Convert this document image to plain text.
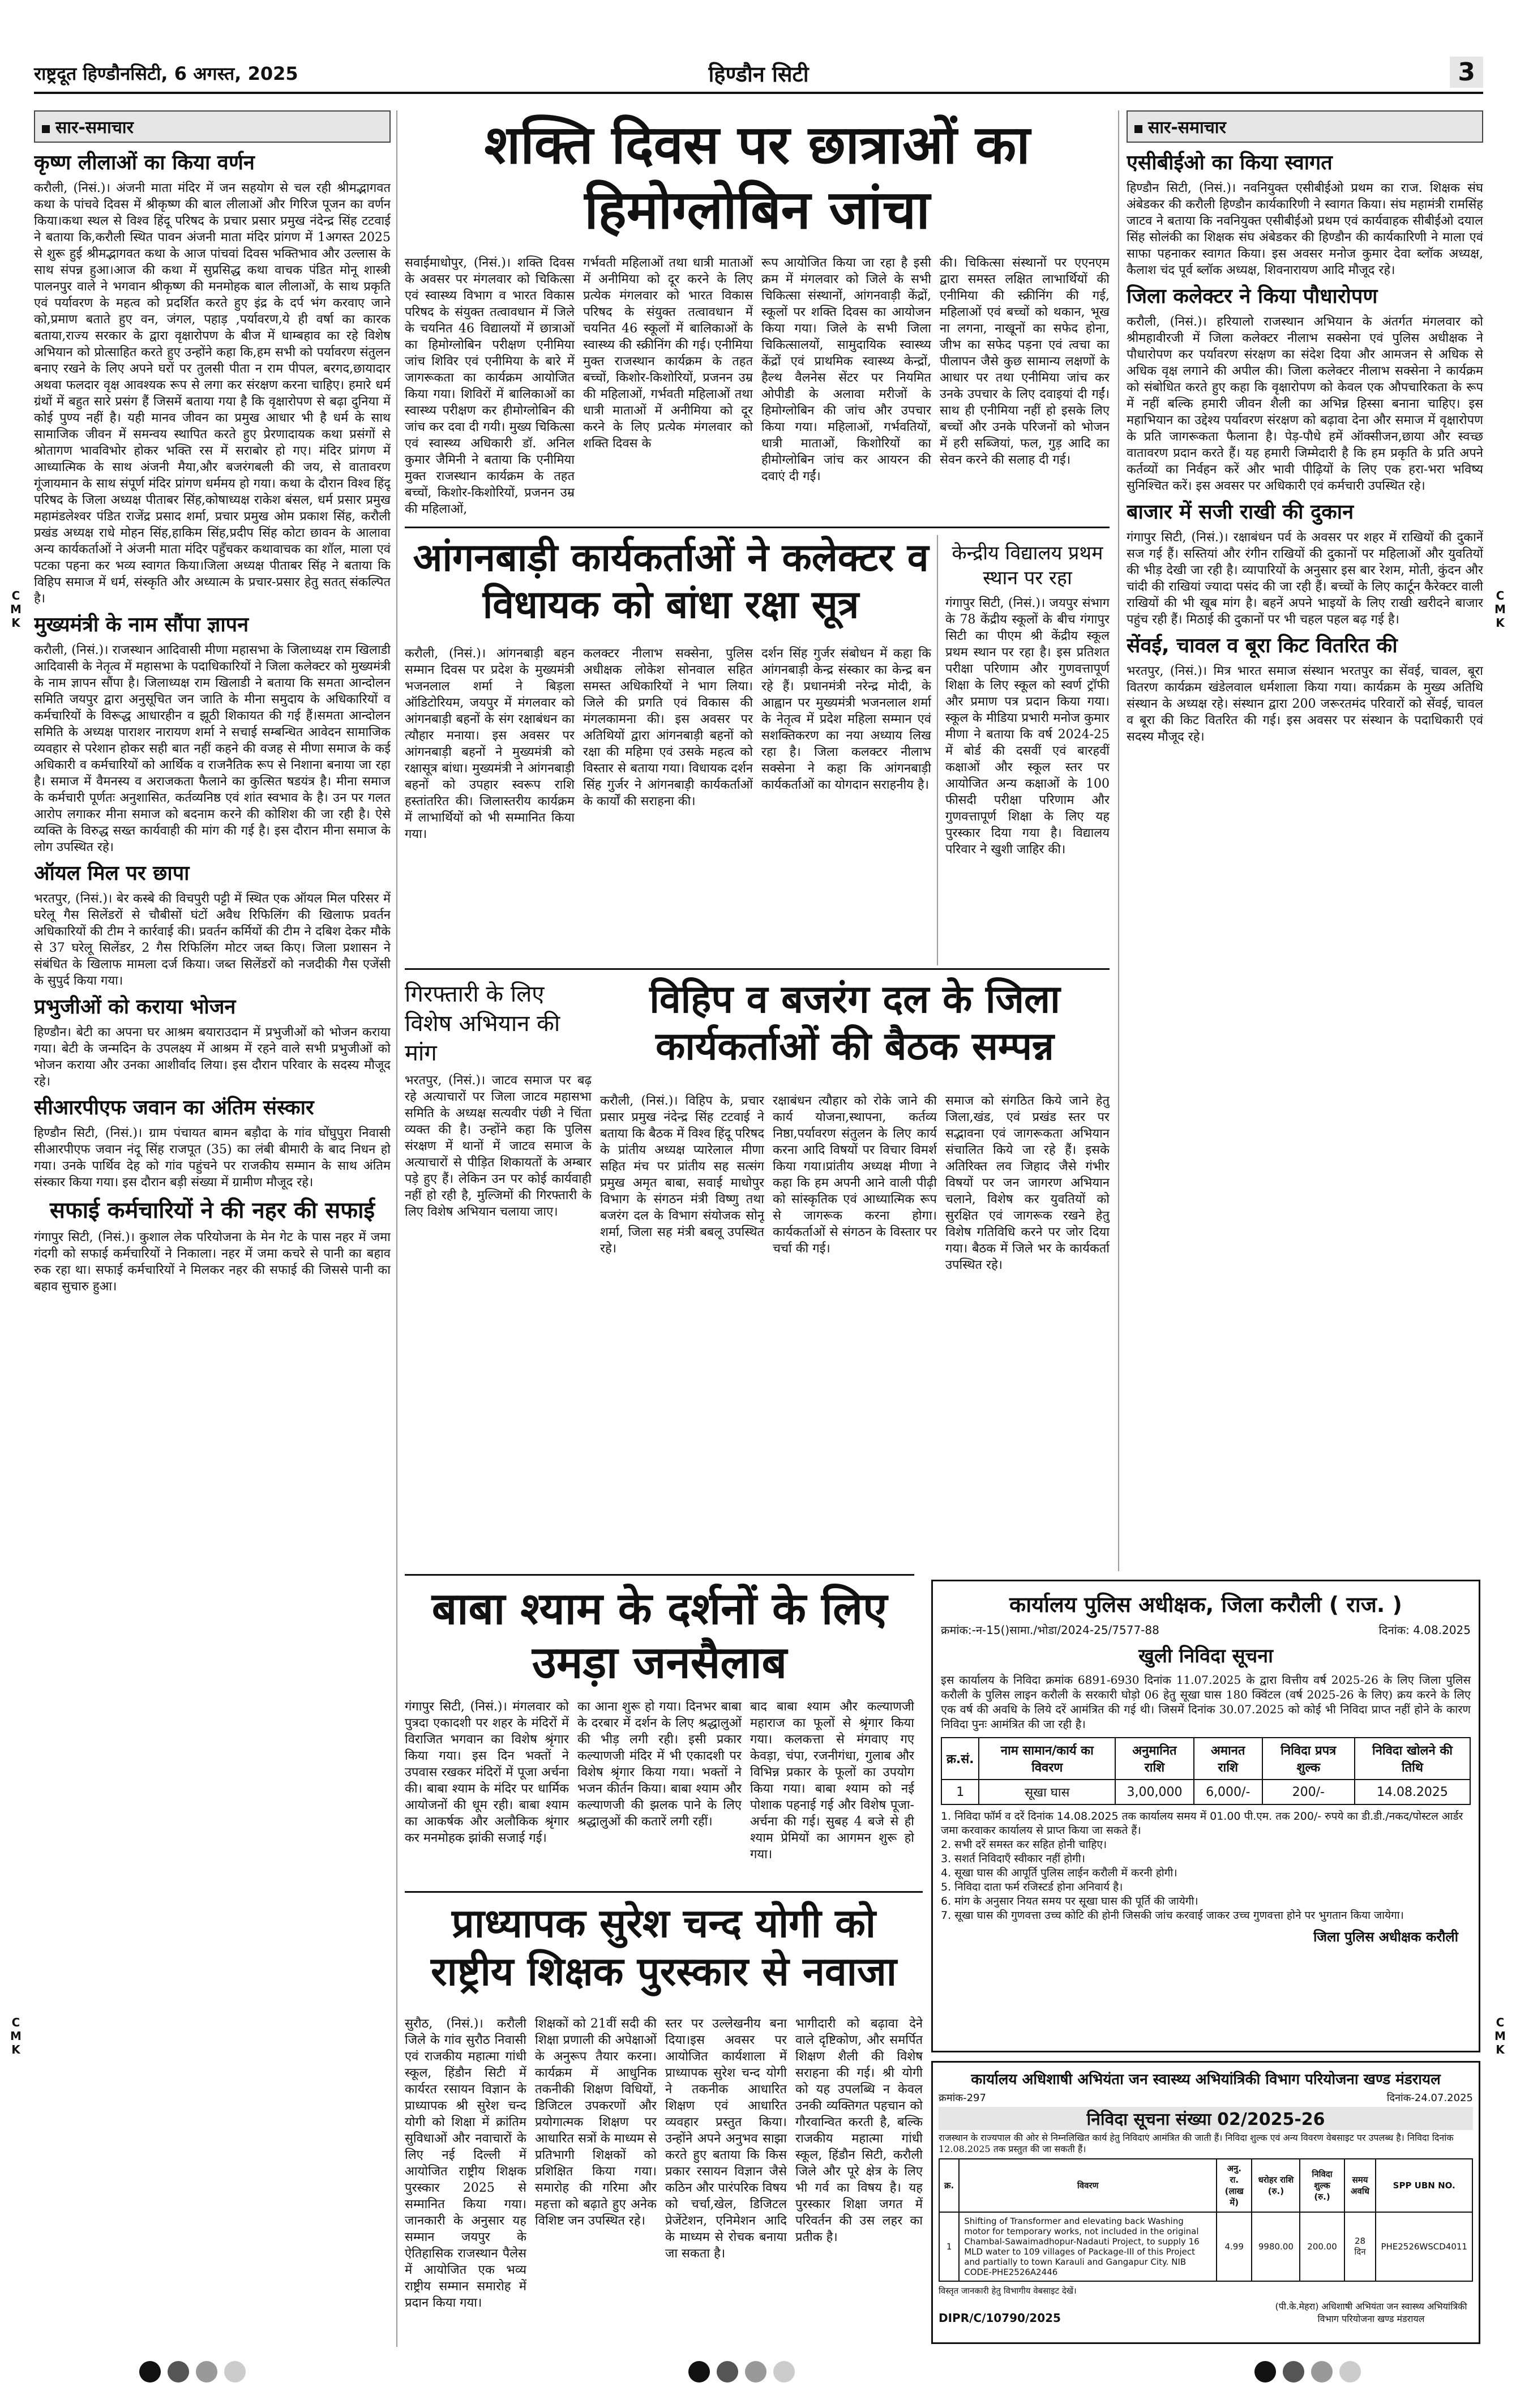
राष्ट्रदूत हिण्डौनसिटी, 6 अगस्त, 2025	हिण्डौन सिटी	3
सार-समाचार
कृष्ण लीलाओं का किया वर्णन

करौली, (निसं.)। अंजनी माता मंदिर में जन सहयोग से चल रही श्रीमद्भागवत कथा के पांचवे दिवस में श्रीकृष्ण की बाल लीलाओं और गिरिज पूजन का वर्णन किया।कथा स्थल से विश्व हिंदू परिषद के प्रचार प्रसार प्रमुख नंदेन्द्र सिंह टटवाई ने बताया कि,करौली स्थित पावन अंजनी माता मंदिर प्रांगण में 1अगस्त 2025 से शुरू हुई श्रीमद्भागवत कथा के आज पांचवां दिवस भक्तिभाव और उल्लास के साथ संपन्न हुआ।आज की कथा में सुप्रसिद्ध कथा वाचक पंडित मोनू शास्त्री पालनपुर वाले ने भगवान श्रीकृष्ण की मनमोहक बाल लीलाओं, के साथ प्रकृति एवं पर्यावरण के महत्व को प्रदर्शित करते हुए इंद्र के दर्प भंग करवाए जाने को,प्रमाण बताते हुए वन, जंगल, पहाड़ ,पर्यावरण,ये ही वर्षा का कारक बताया,राज्य सरकार के द्वारा वृक्षारोपण के बीज में धाम्बहाव का रहे विशेष अभियान को प्रोत्साहित करते हुए उन्होंने कहा कि,हम सभी को पर्यावरण संतुलन बनाए रखने के लिए अपने घरों पर तुलसी पीता न राम पीपल, बरगद,छायादार अथवा फलदार वृक्ष आवश्यक रूप से लगा कर संरक्षण करना चाहिए। हमारे धर्म ग्रंथों में बहुत सारे प्रसंग हैं जिसमें बताया गया है कि वृक्षारोपण से बढ़ा दुनिया में कोई पुण्य नहीं है। यही मानव जीवन का प्रमुख आधार भी है धर्म के साथ सामाजिक जीवन में समन्वय स्थापित करते हुए प्रेरणादायक कथा प्रसंगों से श्रोतागण भावविभोर होकर भक्ति रस में सराबोर हो गए। मंदिर प्रांगण में आध्यात्मिक के साथ अंजनी मैया,और बजरंगबली की जय, से वातावरण गूंजायमान के साथ संपूर्ण मंदिर प्रांगण धर्ममय हो गया। कथा के दौरान विश्व हिंदू परिषद के जिला अध्यक्ष पीताबर सिंह,कोषाध्यक्ष राकेश बंसल, धर्म प्रसार प्रमुख महामंडलेश्वर पंडित राजेंद्र प्रसाद शर्मा, प्रचार प्रमुख ओम प्रकाश सिंह, करौली प्रखंड अध्यक्ष राधे मोहन सिंह,हाकिम सिंह,प्रदीप सिंह कोटा छावन के आलावा अन्य कार्यकर्ताओं ने अंजनी माता मंदिर पहुँचकर कथावाचक का शॉल, माला एवं पटका पहना कर भव्य स्वागत किया।जिला अध्यक्ष पीताबर सिंह ने बताया कि विहिप समाज में धर्म, संस्कृति और अध्यात्म के प्रचार-प्रसार हेतु सतत् संकल्पित है।

मुख्यमंत्री के नाम सौंपा ज्ञापन

करौली, (निसं.)। राजस्थान आदिवासी मीणा महासभा के जिलाध्यक्ष राम खिलाडी आदिवासी के नेतृत्व में महासभा के पदाधिकारियों ने जिला कलेक्टर को मुख्यमंत्री के नाम ज्ञापन सौंपा है। जिलाध्यक्ष राम खिलाडी ने बताया कि समता आन्दोलन समिति जयपुर द्वारा अनुसूचित जन जाति के मीना समुदाय के अधिकारियों व कर्मचारियों के विरूद्ध आधारहीन व झूठी शिकायत की गई हैं।समता आन्दोलन समिति के अध्यक्ष पाराशर नारायण शर्मा ने सचाई सम्बन्धित आवेदन सामाजिक व्यवहार से परेशान होकर सही बात नहीं कहने की वजह से मीणा समाज के कई अधिकारी व कर्मचारियों को आर्थिक व राजनैतिक रूप से निशाना बनाया जा रहा है। समाज में वैमनस्य व अराजकता फैलाने का कुत्सित षडयंत्र है। मीना समाज के कर्मचारी पूर्णतः अनुशासित, कर्तव्यनिष्ठ एवं शांत स्वभाव के है। उन पर गलत आरोप लगाकर मीना समाज को बदनाम करने की कोशिश की जा रही है। ऐसे व्यक्ति के विरुद्ध सख्त कार्यवाही की मांग की गई है। इस दौरान मीना समाज के लोग उपस्थित रहे।

ऑयल मिल पर छापा

भरतपुर, (निसं.)। बेर कस्बे की विचपुरी पट्टी में स्थित एक ऑयल मिल परिसर में घरेलू गैस सिलेंडरों से चौबीसों घंटों अवैध रिफिलिंग की खिलाफ प्रवर्तन अधिकारियों की टीम ने कार्रवाई की। प्रवर्तन कर्मियों की टीम ने दबिश देकर मौके से 37 घरेलू सिलेंडर, 2 गैस रिफिलिंग मोटर जब्त किए। जिला प्रशासन ने संबंधित के खिलाफ मामला दर्ज किया। जब्त सिलेंडरों को नजदीकी गैस एजेंसी के सुपुर्द किया गया।

प्रभुजीओं को कराया भोजन

हिण्डौन। बेटी का अपना घर आश्रम बयाराउदान में प्रभुजीओं को भोजन कराया गया। बेटी के जन्मदिन के उपलक्ष्य में आश्रम में रहने वाले सभी प्रभुजीओं को भोजन कराया और उनका आशीर्वाद लिया। इस दौरान परिवार के सदस्य मौजूद रहे।

सीआरपीएफ जवान का अंतिम संस्कार

हिण्डौन सिटी, (निसं.)। ग्राम पंचायत बामन बड़ौदा के गांव घोंघुपुरा निवासी सीआरपीएफ जवान नंदू सिंह राजपूत (35) का लंबी बीमारी के बाद निधन हो गया। उनके पार्थिव देह को गांव पहुंचने पर राजकीय सम्मान के साथ अंतिम संस्कार किया गया। इस दौरान बड़ी संख्या में ग्रामीण मौजूद रहे।

सफाई कर्मचारियों ने की नहर की सफाई

गंगापुर सिटी, (निसं.)। कुशाल लेक परियोजना के मेन गेट के पास नहर में जमा गंदगी को सफाई कर्मचारियों ने निकाला। नहर में जमा कचरे से पानी का बहाव रुक रहा था। सफाई कर्मचारियों ने मिलकर नहर की सफाई की जिससे पानी का बहाव सुचारु हुआ।

शक्ति दिवस पर छात्राओं का हिमोग्लोबिन जांचा

सवाईमाधोपुर, (निसं.)। शक्ति दिवस के अवसर पर मंगलवार को चिकित्सा एवं स्वास्थ्य विभाग व भारत विकास परिषद के संयुक्त तत्वावधान में जिले के चयनित 46 विद्यालयों में छात्राओं का हिमोग्लोबिन परीक्षण एनीमिया जांच शिविर एवं एनीमिया के बारे में जागरूकता का कार्यक्रम आयोजित किया गया। शिविरों में बालिकाओं का स्वास्थ्य परीक्षण कर हीमोग्लोबिन की जांच कर दवा दी गयी। मुख्य चिकित्सा एवं स्वास्थ्य अधिकारी डॉ. अनिल कुमार जैमिनी ने बताया कि एनीमिया मुक्त राजस्थान कार्यक्रम के तहत बच्चों, किशोर-किशोरियों, प्रजनन उम्र की महिलाओं,

गर्भवती महिलाओं तथा धात्री माताओं में अनीमिया को दूर करने के लिए प्रत्येक मंगलवार को भारत विकास परिषद के संयुक्त तत्वावधान में चयनित 46 स्कूलों में बालिकाओं के स्वास्थ्य की स्क्रीनिंग की गई। एनीमिया मुक्त राजस्थान कार्यक्रम के तहत बच्चों, किशोर-किशोरियों, प्रजनन उम्र की महिलाओं, गर्भवती महिलाओं तथा धात्री माताओं में अनीमिया को दूर करने के लिए प्रत्येक मंगलवार को शक्ति दिवस के

रूप आयोजित किया जा रहा है इसी क्रम में मंगलवार को जिले के सभी चिकित्सा संस्थानों, आंगनवाड़ी केंद्रों, स्कूलों पर शक्ति दिवस का आयोजन किया गया। जिले के सभी जिला चिकित्सालयों, सामुदायिक स्वास्थ्य केंद्रों एवं प्राथमिक स्वास्थ्य केन्द्रों, हैल्थ वैलनेस सेंटर पर नियमित ओपीडी के अलावा मरीजों के हिमोग्लोबिन की जांच और उपचार किया गया। महिलाओं, गर्भवतियों, धात्री माताओं, किशोरियों का हीमोग्लोबिन जांच कर आयरन की दवाएं दी गईं।

की। चिकित्सा संस्थानों पर एएनएम द्वारा समस्त लक्षित लाभार्थियों की एनीमिया की स्क्रीनिंग की गई, महिलाओं एवं बच्चों को थकान, भूख ना लगना, नाखूनों का सफेद होना, जीभ का सफेद पड़ना एवं त्वचा का पीलापन जैसे कुछ सामान्य लक्षणों के आधार पर तथा एनीमिया जांच कर उनके उपचार के लिए दवाइयां दी गईं। साथ ही एनीमिया नहीं हो इसके लिए बच्चों और उनके परिजनों को भोजन में हरी सब्जियां, फल, गुड़ आदि का सेवन करने की सलाह दी गई।

आंगनबाड़ी कार्यकर्ताओं ने कलेक्टर व विधायक को बांधा रक्षा सूत्र

करौली, (निसं.)। आंगनबाड़ी बहन सम्मान दिवस पर प्रदेश के मुख्यमंत्री भजनलाल शर्मा ने बिड़ला ऑडिटोरियम, जयपुर में मंगलवार को आंगनबाड़ी बहनों के संग रक्षाबंधन का त्यौहार मनाया। इस अवसर पर आंगनबाड़ी बहनों ने मुख्यमंत्री को रक्षासूत्र बांधा। मुख्यमंत्री ने आंगनबाड़ी बहनों को उपहार स्वरूप राशि हस्तांतरित की। जिलास्तरीय कार्यक्रम में लाभार्थियों को भी सम्मानित किया गया।

कलक्टर नीलाभ सक्सेना, पुलिस अधीक्षक लोकेश सोनवाल सहित समस्त अधिकारियों ने भाग लिया। जिले की प्रगति एवं विकास की मंगलकामना की। इस अवसर पर अतिथियों द्वारा आंगनबाड़ी बहनों को रक्षा की महिमा एवं उसके महत्व को विस्तार से बताया गया। विधायक दर्शन सिंह गुर्जर ने आंगनबाड़ी कार्यकर्ताओं के कार्यों की सराहना की।

दर्शन सिंह गुर्जर संबोधन में कहा कि आंगनबाड़ी केन्द्र संस्कार का केन्द्र बन रहे हैं। प्रधानमंत्री नरेन्द्र मोदी, के आह्वान पर मुख्यमंत्री भजनलाल शर्मा के नेतृत्व में प्रदेश महिला सम्मान एवं सशक्तिकरण का नया अध्याय लिख रहा है। जिला कलक्टर नीलाभ सक्सेना ने कहा कि आंगनबाड़ी कार्यकर्ताओं का योगदान सराहनीय है।

केन्द्रीय विद्यालय प्रथम स्थान पर रहा

गंगापुर सिटी, (निसं.)। जयपुर संभाग के 78 केंद्रीय स्कूलों के बीच गंगापुर सिटी का पीएम श्री केंद्रीय स्कूल प्रथम स्थान पर रहा है। इस प्रतिशत परीक्षा परिणाम और गुणवत्तापूर्ण शिक्षा के लिए स्कूल को स्वर्ण ट्रॉफी और प्रमाण पत्र प्रदान किया गया। स्कूल के मीडिया प्रभारी मनोज कुमार मीणा ने बताया कि वर्ष 2024-25 में बोर्ड की दसवीं एवं बारहवीं कक्षाओं और स्कूल स्तर पर आयोजित अन्य कक्षाओं के 100 फीसदी परीक्षा परिणाम और गुणवत्तापूर्ण शिक्षा के लिए यह पुरस्कार दिया गया है। विद्यालय परिवार ने खुशी जाहिर की।

गिरफ्तारी के लिए विशेष अभियान की मांग

भरतपुर, (निसं.)। जाटव समाज पर बढ़ रहे अत्याचारों पर जिला जाटव महासभा समिति के अध्यक्ष सत्यवीर पंछी ने चिंता व्यक्त की है। उन्होंने कहा कि पुलिस संरक्षण में थानों में जाटव समाज के अत्याचारों से पीड़ित शिकायतों के अम्बार पड़े हुए हैं। लेकिन उन पर कोई कार्यवाही नहीं हो रही है, मुल्जिमों की गिरफ्तारी के लिए विशेष अभियान चलाया जाए।

विहिप व बजरंग दल के जिला कार्यकर्ताओं की बैठक सम्पन्न

करौली, (निसं.)। विहिप के, प्रचार प्रसार प्रमुख नंदेन्द्र सिंह टटवाई ने बताया कि बैठक में विश्व हिंदू परिषद के प्रांतीय अध्यक्ष प्यारेलाल मीणा सहित मंच पर प्रांतीय सह सत्संग प्रमुख अमृत बाबा, सवाई माधोपुर विभाग के संगठन मंत्री विष्णु तथा बजरंग दल के विभाग संयोजक सोनू शर्मा, जिला सह मंत्री बबलू उपस्थित रहे।

रक्षाबंधन त्यौहार को रोके जाने की कार्य योजना,स्थापना, कर्तव्य निष्ठा,पर्यावरण संतुलन के लिए कार्य करना आदि विषयों पर विचार विमर्श किया गया।प्रांतीय अध्यक्ष मीणा ने कहा कि हम अपनी आने वाली पीढ़ी को सांस्कृतिक एवं आध्यात्मिक रूप से जागरूक करना होगा। कार्यकर्ताओं से संगठन के विस्तार पर चर्चा की गई।

समाज को संगठित किये जाने हेतु जिला,खंड, एवं प्रखंड स्तर पर सद्भावना एवं जागरूकता अभियान संचालित किये जा रहे हैं। इसके अतिरिक्त लव जिहाद जैसे गंभीर विषयों पर जन जागरण अभियान चलाने, विशेष कर युवतियों को सुरक्षित एवं जागरूक रखने हेतु विशेष गतिविधि करने पर जोर दिया गया। बैठक में जिले भर के कार्यकर्ता उपस्थित रहे।

बाबा श्याम के दर्शनों के लिए उमड़ा जनसैलाब

गंगापुर सिटी, (निसं.)। मंगलवार को पुत्रदा एकादशी पर शहर के मंदिरों में विराजित भगवान का विशेष श्रृंगार किया गया। इस दिन भक्तों ने उपवास रखकर मंदिरों में पूजा अर्चना की। बाबा श्याम के मंदिर पर धार्मिक आयोजनों की धूम रही। बाबा श्याम का आकर्षक और अलौकिक श्रृंगार कर मनमोहक झांकी सजाई गई।

का आना शुरू हो गया। दिनभर बाबा के दरबार में दर्शन के लिए श्रद्धालुओं की भीड़ लगी रही। इसी प्रकार कल्याणजी मंदिर में भी एकादशी पर विशेष श्रृंगार किया गया। भक्तों ने भजन कीर्तन किया। बाबा श्याम और कल्याणजी की झलक पाने के लिए श्रद्धालुओं की कतारें लगी रहीं।

बाद बाबा श्याम और कल्याणजी महाराज का फूलों से श्रृंगार किया गया। कलकत्ता से मंगवाए गए केवड़ा, चंपा, रजनीगंधा, गुलाब और विभिन्न प्रकार के फूलों का उपयोग किया गया। बाबा श्याम को नई पोशाक पहनाई गई और विशेष पूजा-अर्चना की गई। सुबह 4 बजे से ही श्याम प्रेमियों का आगमन शुरू हो गया।

प्राध्यापक सुरेश चन्द योगी को राष्ट्रीय शिक्षक पुरस्कार से नवाजा

सुरौठ, (निसं.)। करौली जिले के गांव सुरौठ निवासी एवं राजकीय महात्मा गांधी स्कूल, हिंडौन सिटी में कार्यरत रसायन विज्ञान के प्राध्यापक श्री सुरेश चन्द योगी को शिक्षा में क्रांतिम सुविधाओं और नवाचारों के लिए नई दिल्ली में आयोजित राष्ट्रीय शिक्षक पुरस्कार 2025 से सम्मानित किया गया। जानकारी के अनुसार यह सम्मान जयपुर के ऐतिहासिक राजस्थान पैलेस में आयोजित एक भव्य राष्ट्रीय सम्मान समारोह में प्रदान किया गया।

शिक्षकों को 21वीं सदी की शिक्षा प्रणाली की अपेक्षाओं के अनुरूप तैयार करना। कार्यक्रम में आधुनिक तकनीकी शिक्षण विधियों, डिजिटल उपकरणों और प्रयोगात्मक शिक्षण पर आधारित सत्रों के माध्यम से प्रतिभागी शिक्षकों को प्रशिक्षित किया गया। समारोह की गरिमा और महत्ता को बढ़ाते हुए अनेक विशिष्ट जन उपस्थित रहे।

स्तर पर उल्लेखनीय बना दिया।इस अवसर पर आयोजित कार्यशाला में प्राध्यापक सुरेश चन्द योगी ने तकनीक आधारित शिक्षण एवं आधारित व्यवहार प्रस्तुत किया। उन्होंने अपने अनुभव साझा करते हुए बताया कि किस प्रकार रसायन विज्ञान जैसे कठिन और पारंपरिक विषय को चर्चा,खेल, डिजिटल प्रेजेंटेशन, एनिमेशन आदि के माध्यम से रोचक बनाया जा सकता है।

भागीदारी को बढ़ावा देने वाले दृष्टिकोण, और समर्पित शिक्षण शैली की विशेष सराहना की गई। श्री योगी को यह उपलब्धि न केवल उनकी व्यक्तिगत पहचान को गौरवान्वित करती है, बल्कि राजकीय महात्मा गांधी स्कूल, हिंडौन सिटी, करौली जिले और पूरे क्षेत्र के लिए भी गर्व का विषय है। यह पुरस्कार शिक्षा जगत में परिवर्तन की उस लहर का प्रतीक है।

सार-समाचार
एसीबीईओ का किया स्वागत

हिण्डौन सिटी, (निसं.)। नवनियुक्त एसीबीईओ प्रथम का राज. शिक्षक संघ अंबेडकर की करौली हिण्डौन कार्यकारिणी ने स्वागत किया। संघ महामंत्री रामसिंह जाटव ने बताया कि नवनियुक्त एसीबीईओ प्रथम एवं कार्यवाहक सीबीईओ दयाल सिंह सोलंकी का शिक्षक संघ अंबेडकर की हिण्डौन की कार्यकारिणी ने माला एवं साफा पहनाकर स्वागत किया। इस अवसर मनोज कुमार देवा ब्लॉक अध्यक्ष, कैलाश चंद पूर्व ब्लॉक अध्यक्ष, शिवनारायण आदि मौजूद रहे।

जिला कलेक्टर ने किया पौधारोपण

करौली, (निसं.)। हरियालो राजस्थान अभियान के अंतर्गत मंगलवार को श्रीमहावीरजी में जिला कलेक्टर नीलाभ सक्सेना एवं पुलिस अधीक्षक ने पौधारोपण कर पर्यावरण संरक्षण का संदेश दिया और आमजन से अधिक से अधिक वृक्ष लगाने की अपील की। जिला कलेक्टर नीलाभ सक्सेना ने कार्यक्रम को संबोधित करते हुए कहा कि वृक्षारोपण को केवल एक औपचारिकता के रूप में नहीं बल्कि हमारी जीवन शैली का अभिन्न हिस्सा बनाना चाहिए। इस महाभियान का उद्देश्य पर्यावरण संरक्षण को बढ़ावा देना और समाज में वृक्षारोपण के प्रति जागरूकता फैलाना है। पेड़-पौधे हमें ऑक्सीजन,छाया और स्वच्छ वातावरण प्रदान करते हैं। यह हमारी जिम्मेदारी है कि हम प्रकृति के प्रति अपने कर्तव्यों का निर्वहन करें और भावी पीढ़ियों के लिए एक हरा-भरा भविष्य सुनिश्चित करें। इस अवसर पर अधिकारी एवं कर्मचारी उपस्थित रहे।

बाजार में सजी राखी की दुकान

गंगापुर सिटी, (निसं.)। रक्षाबंधन पर्व के अवसर पर शहर में राखियों की दुकानें सज गई हैं। सस्तियां और रंगीन राखियों की दुकानों पर महिलाओं और युवतियों की भीड़ देखी जा रही है। व्यापारियों के अनुसार इस बार रेशम, मोती, कुंदन और चांदी की राखियां ज्यादा पसंद की जा रही हैं। बच्चों के लिए कार्टून कैरेक्टर वाली राखियों की भी खूब मांग है। बहनें अपने भाइयों के लिए राखी खरीदने बाजार पहुंच रही हैं। मिठाई की दुकानों पर भी चहल पहल बढ़ गई है।

सेंवई, चावल व बूरा किट वितरित की

भरतपुर, (निसं.)। मित्र भारत समाज संस्थान भरतपुर का सेंवई, चावल, बूरा वितरण कार्यक्रम खंडेलवाल धर्मशाला किया गया। कार्यक्रम के मुख्य अतिथि संस्थान के अध्यक्ष रहे। संस्थान द्वारा 200 जरूरतमंद परिवारों को सेंवई, चावल व बूरा की किट वितरित की गई। इस अवसर पर संस्थान के पदाधिकारी एवं सदस्य मौजूद रहे।

कार्यालय पुलिस अधीक्षक, जिला करौली ( राज. )
क्रमांक:-न-15()सामा./भोडा/2024-25/7577-88	दिनांक: 4.08.2025
खुली निविदा सूचना

इस कार्यालय के निविदा क्रमांक 6891-6930 दिनांक 11.07.2025 के द्वारा वित्तीय वर्ष 2025-26 के लिए जिला पुलिस करौली के पुलिस लाइन करौली के सरकारी घोड़ो 06 हेतु सूखा घास 180 क्विंटल (वर्ष 2025-26 के लिए) क्रय करने के लिए एक वर्ष की अवधि के लिये दरें आमंत्रित की गई थी। जिसमें दिनांक 30.07.2025 को कोई भी निविदा प्राप्त नहीं होने के कारण निविदा पुनः आमंत्रित की जा रही है।

क्र.सं.	नाम सामान/कार्य का विवरण	अनुमानित राशि	अमानत राशि	निविदा प्रपत्र शुल्क	निविदा खोलने की तिथि
1	सूखा घास	3,00,000	6,000/-	200/-	14.08.2025
1. निविदा फॉर्म व दरें दिनांक 14.08.2025 तक कार्यालय समय में 01.00 पी.एम. तक 200/- रुपये का डी.डी./नकद/पोस्टल आर्डर जमा करवाकर कार्यालय से प्राप्त किया जा सकते हैं।
2. सभी दरें समस्त कर सहित होनी चाहिए।
3. सशर्त निविदाएँ स्वीकार नहीं होगी।
4. सूखा घास की आपूर्ति पुलिस लाईन करौली में करनी होगी।
5. निविदा दाता फर्म रजिस्टर्ड होना अनिवार्य है।
6. मांग के अनुसार नियत समय पर सूखा घास की पूर्ति की जायेगी।
7. सूखा घास की गुणवत्ता उच्च कोटि की होनी जिसकी जांच करवाई जाकर उच्च गुणवत्ता होने पर भुगतान किया जायेगा।
जिला पुलिस अधीक्षक करौली
कार्यालय अधिशाषी अभियंता जन स्वास्थ्य अभियांत्रिकी विभाग परियोजना खण्ड मंडरायल
क्रमांक-297	दिनांक-24.07.2025
निविदा सूचना संख्या 02/2025-26

राजस्थान के राज्यपाल की ओर से निम्नलिखित कार्य हेतु निविदाएं आमंत्रित की जाती हैं। निविदा शुल्क एवं अन्य विवरण वेबसाइट पर उपलब्ध है। निविदा दिनांक 12.08.2025 तक प्रस्तुत की जा सकती हैं।

क्र.	विवरण	अनु. रा. (लाख में)	धरोहर राशि (रु.)	निविदा शुल्क (रु.)	समय अवधि	SPP UBN NO.
1	Shifting of Transformer and elevating back Washing motor for temporary works, not included in the original Chambal-Sawaimadhopur-Nadauti Project, to supply 16 MLD water to 109 villages of Package-III of this Project and partially to town Karauli and Gangapur City. NIB CODE-PHE2526A2446	4.99	9980.00	200.00	28 दिन	PHE2526WSCD4011

विस्तृत जानकारी हेतु विभागीय वेबसाइट देखें।

DIPR/C/10790/2025
(पी.के.मेहरा) अधिशाषी अभियंता जन स्वास्थ्य अभियांत्रिकी विभाग परियोजना खण्ड मंडरायल
C
M
K
C
M
K
C
M
K
C
M
K
